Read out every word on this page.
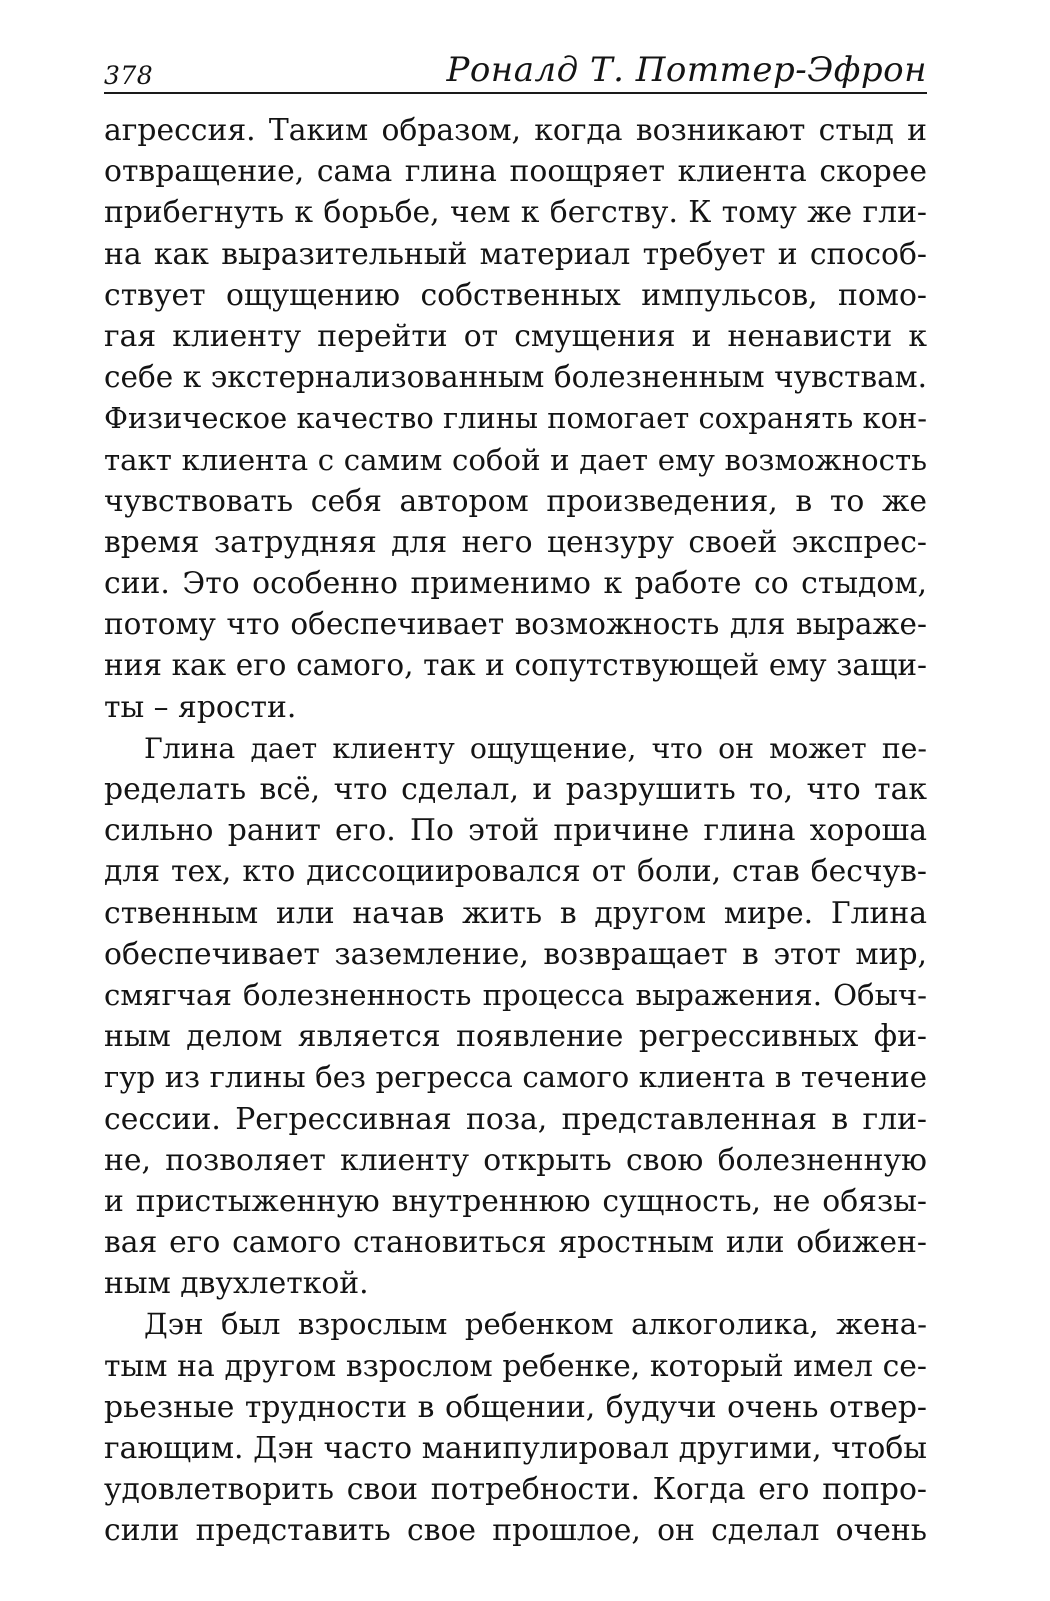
378	Роналд Т. Поттер-Эфрон
агрессия. Таким образом, когда возникают стыд и
отвращение, сама глина поощряет клиента скорее
прибегнуть к борьбе, чем к бегству. К тому же гли-
на как выразительный материал требует и способ-
ствует ощущению собственных импульсов, помо-
гая клиенту перейти от смущения и ненависти к
себе к экстернализованным болезненным чувствам.
Физическое качество глины помогает сохранять кон-
такт клиента с самим собой и дает ему возможность
чувствовать себя автором произведения, в то же
время затрудняя для него цензуру своей экспрес-
сии. Это особенно применимо к работе со стыдом,
потому что обеспечивает возможность для выраже-
ния как его самого, так и сопутствующей ему защи-
ты – ярости.
Глина дает клиенту ощущение, что он может пе-
ределать всё, что сделал, и разрушить то, что так
сильно ранит его. По этой причине глина хороша
для тех, кто диссоциировался от боли, став бесчув-
ственным или начав жить в другом мире. Глина
обеспечивает заземление, возвращает в этот мир,
смягчая болезненность процесса выражения. Обыч-
ным делом является появление регрессивных фи-
гур из глины без регресса самого клиента в течение
сессии. Регрессивная поза, представленная в гли-
не, позволяет клиенту открыть свою болезненную
и пристыженную внутреннюю сущность, не обязы-
вая его самого становиться яростным или обижен-
ным двухлеткой.
Дэн был взрослым ребенком алкоголика, жена-
тым на другом взрослом ребенке, который имел се-
рьезные трудности в общении, будучи очень отвер-
гающим. Дэн часто манипулировал другими, чтобы
удовлетворить свои потребности. Когда его попро-
сили представить свое прошлое, он сделал очень
